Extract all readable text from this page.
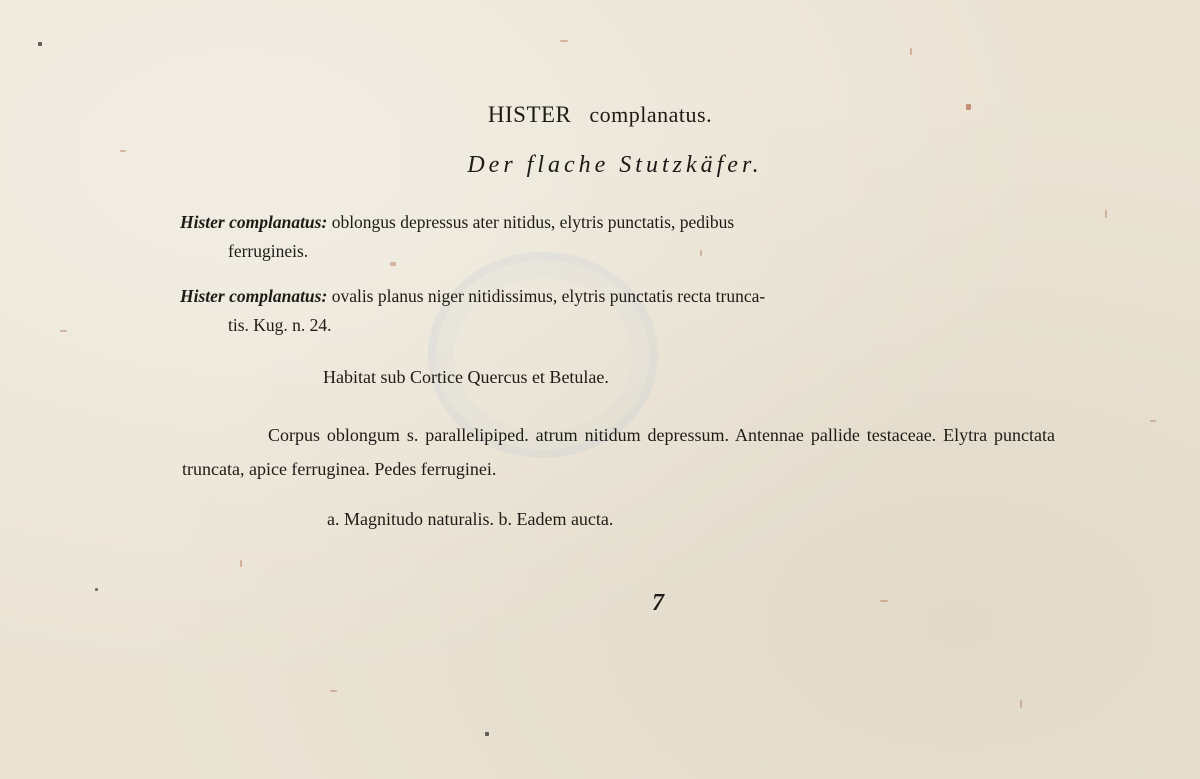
HISTER complanatus.
Der flache Stutzkäfer.
Hister complanatus: oblongus depressus ater nitidus, elytris punctatis, pedibus
ferrugineis.
Hister complanatus: ovalis planus niger nitidissimus, elytris punctatis recta trunca-
tis. Kug. n. 24.
Habitat sub Cortice Quercus et Betulae.
Corpus oblongum s. parallelipiped. atrum nitidum depressum. Antennae pallide testaceae. Elytra punctata truncata, apice ferruginea. Pedes ferruginei.
a. Magnitudo naturalis. b. Eadem aucta.
7
